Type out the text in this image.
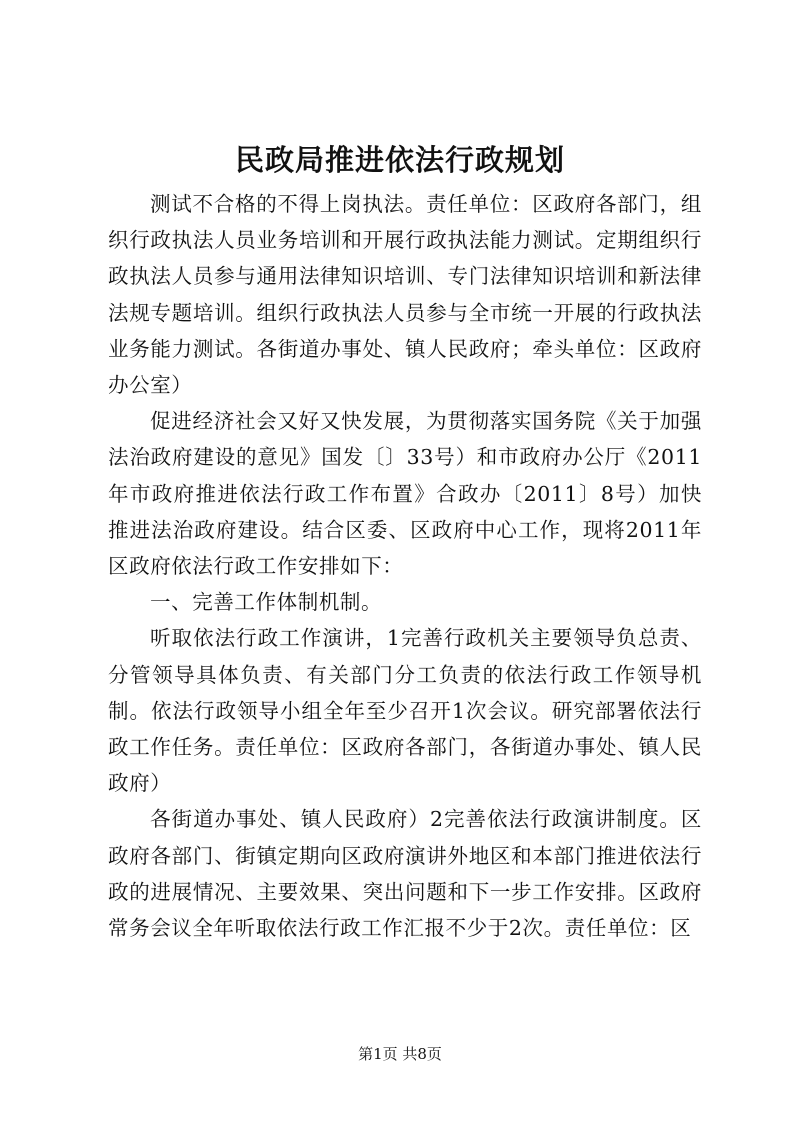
民政局推进依法行政规划

测试不合格的不得上岗执法。责任单位：区政府各部门，组织行政执法人员业务培训和开展行政执法能力测试。定期组织行政执法人员参与通用法律知识培训、专门法律知识培训和新法律法规专题培训。组织行政执法人员参与全市统一开展的行政执法业务能力测试。各街道办事处、镇人民政府；牵头单位：区政府办公室）

促进经济社会又好又快发展，为贯彻落实国务院《关于加强法治政府建设的意见》国发〔〕33号）和市政府办公厅《2011年市政府推进依法行政工作布置》合政办〔2011〕8号）加快推进法治政府建设。结合区委、区政府中心工作，现将2011年区政府依法行政工作安排如下：

一、完善工作体制机制。

听取依法行政工作演讲，1完善行政机关主要领导负总责、分管领导具体负责、有关部门分工负责的依法行政工作领导机制。依法行政领导小组全年至少召开1次会议。研究部署依法行政工作任务。责任单位：区政府各部门，各街道办事处、镇人民政府）

各街道办事处、镇人民政府）2完善依法行政演讲制度。区政府各部门、街镇定期向区政府演讲外地区和本部门推进依法行政的进展情况、主要效果、突出问题和下一步工作安排。区政府常务会议全年听取依法行政工作汇报不少于2次。责任单位：区

第1页 共8页
